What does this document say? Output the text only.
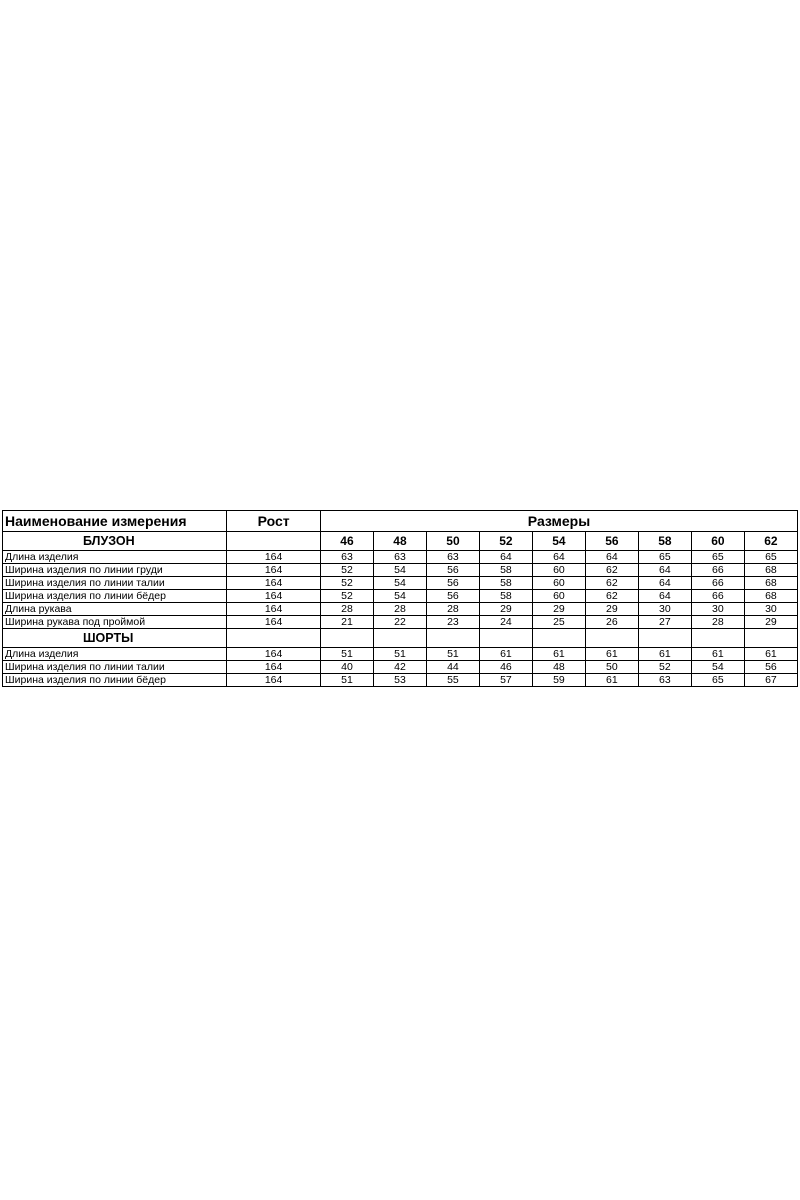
Наименование измерения	Рост	Размеры								
БЛУЗОН		46	48	50	52	54	56	58	60	62
Длина изделия	164	63	63	63	64	64	64	65	65	65
Ширина изделия по линии груди	164	52	54	56	58	60	62	64	66	68
Ширина изделия по линии талии	164	52	54	56	58	60	62	64	66	68
Ширина изделия по линии бёдер	164	52	54	56	58	60	62	64	66	68
Длина рукава	164	28	28	28	29	29	29	30	30	30
Ширина рукава под проймой	164	21	22	23	24	25	26	27	28	29
ШОРТЫ										
Длина изделия	164	51	51	51	61	61	61	61	61	61
Ширина изделия по линии талии	164	40	42	44	46	48	50	52	54	56
Ширина изделия по линии бёдер	164	51	53	55	57	59	61	63	65	67
